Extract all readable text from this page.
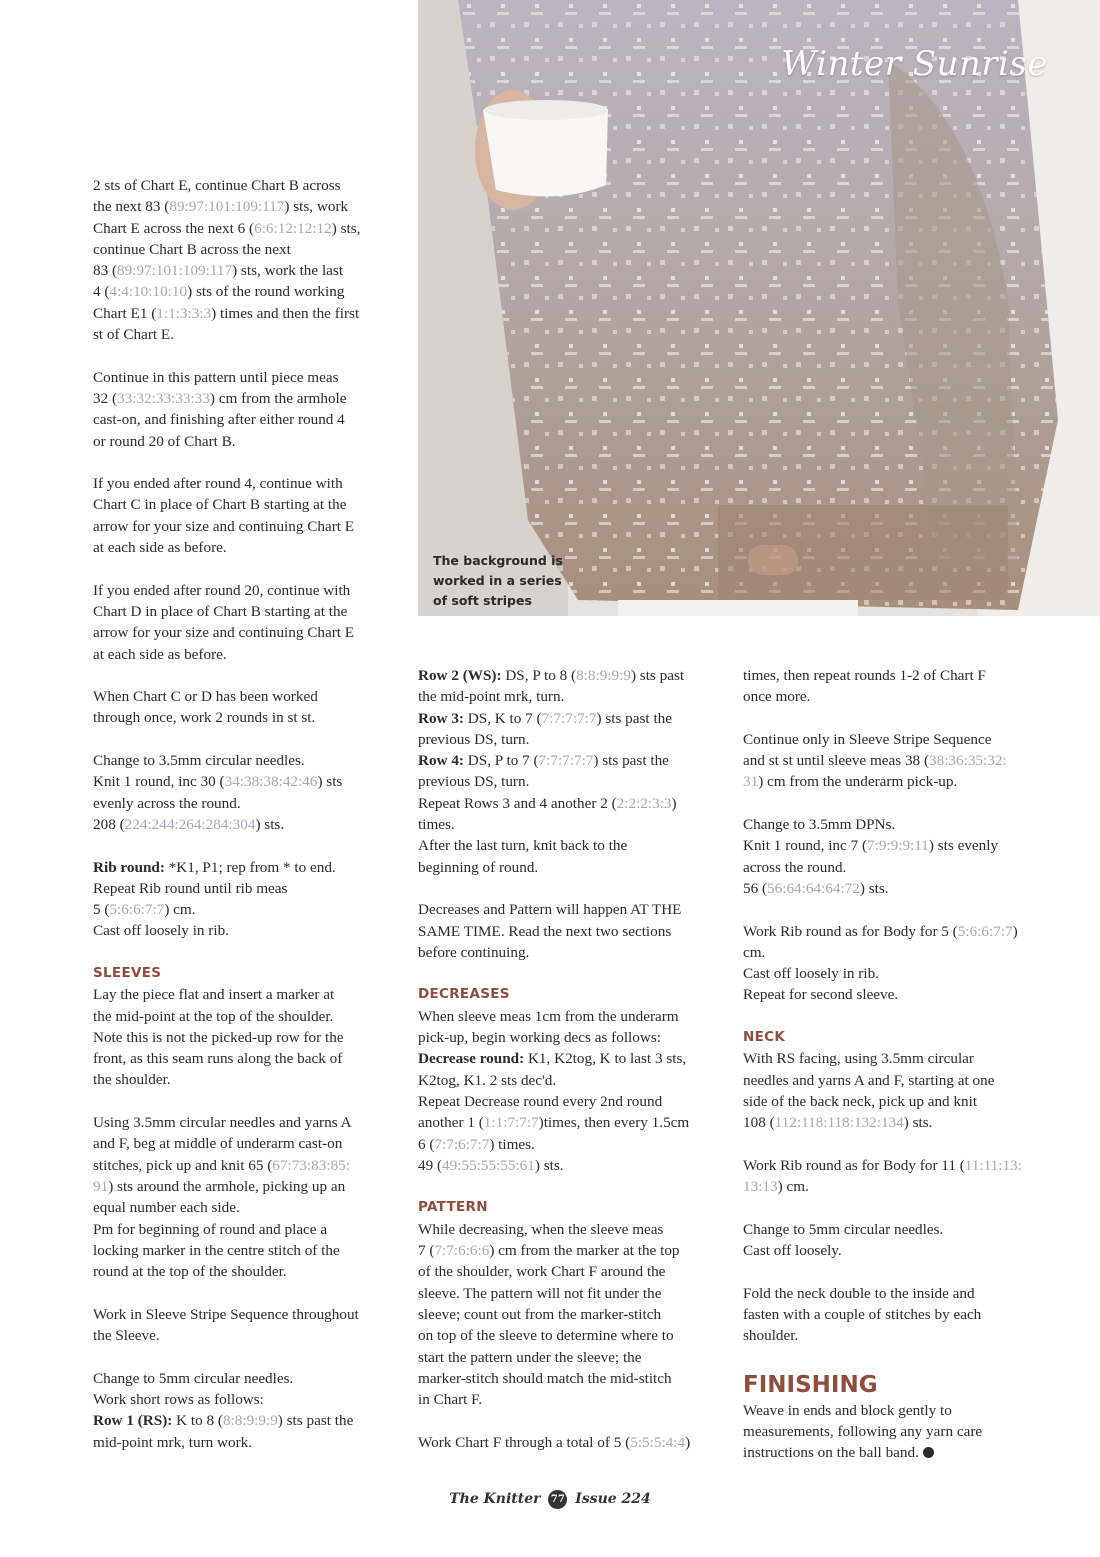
Winter Sunrise
The background is
worked in a series
of soft stripes

2 sts of Chart E, continue Chart B across
the next 83 (89:97:101:109:117) sts, work
Chart E across the next 6 (6:6:12:12:12) sts,
continue Chart B across the next
83 (89:97:101:109:117) sts, work the last
4 (4:4:10:10:10) sts of the round working
Chart E1 (1:1:3:3:3) times and then the first
st of Chart E.

Continue in this pattern until piece meas
32 (33:32:33:33:33) cm from the armhole
cast-on, and finishing after either round 4
or round 20 of Chart B.

If you ended after round 4, continue with
Chart C in place of Chart B starting at the
arrow for your size and continuing Chart E
at each side as before.

If you ended after round 20, continue with
Chart D in place of Chart B starting at the
arrow for your size and continuing Chart E
at each side as before.

When Chart C or D has been worked
through once, work 2 rounds in st st.

Change to 3.5mm circular needles.
Knit 1 round, inc 30 (34:38:38:42:46) sts
evenly across the round.
208 (224:244:264:284:304) sts.

Rib round: *K1, P1; rep from * to end.
Repeat Rib round until rib meas
5 (5:6:6:7:7) cm.
Cast off loosely in rib.

SLEEVES

Lay the piece flat and insert a marker at
the mid-point at the top of the shoulder.
Note this is not the picked-up row for the
front, as this seam runs along the back of
the shoulder.

Using 3.5mm circular needles and yarns A
and F, beg at middle of underarm cast-on
stitches, pick up and knit 65 (67:73:83:85:
91) sts around the armhole, picking up an
equal number each side.
Pm for beginning of round and place a
locking marker in the centre stitch of the
round at the top of the shoulder.

Work in Sleeve Stripe Sequence throughout
the Sleeve.

Change to 5mm circular needles.
Work short rows as follows:
Row 1 (RS): K to 8 (8:8:9:9:9) sts past the
mid-point mrk, turn work.

Row 2 (WS): DS, P to 8 (8:8:9:9:9) sts past
the mid-point mrk, turn.
Row 3: DS, K to 7 (7:7:7:7:7) sts past the
previous DS, turn.
Row 4: DS, P to 7 (7:7:7:7:7) sts past the
previous DS, turn.
Repeat Rows 3 and 4 another 2 (2:2:2:3:3)
times.
After the last turn, knit back to the
beginning of round.

Decreases and Pattern will happen AT THE
SAME TIME. Read the next two sections
before continuing.

DECREASES

When sleeve meas 1cm from the underarm
pick-up, begin working decs as follows:
Decrease round: K1, K2tog, K to last 3 sts,
K2tog, K1. 2 sts dec'd.
Repeat Decrease round every 2nd round
another 1 (1:1:7:7:7)times, then every 1.5cm
6 (7:7:6:7:7) times.
49 (49:55:55:55:61) sts.

PATTERN

While decreasing, when the sleeve meas
7 (7:7:6:6:6) cm from the marker at the top
of the shoulder, work Chart F around the
sleeve. The pattern will not fit under the
sleeve; count out from the marker-stitch
on top of the sleeve to determine where to
start the pattern under the sleeve; the
marker-stitch should match the mid-stitch
in Chart F.

Work Chart F through a total of 5 (5:5:5:4:4)

times, then repeat rounds 1-2 of Chart F
once more.

Continue only in Sleeve Stripe Sequence
and st st until sleeve meas 38 (38:36:35:32:
31) cm from the underarm pick-up.

Change to 3.5mm DPNs.
Knit 1 round, inc 7 (7:9:9:9:11) sts evenly
across the round.
56 (56:64:64:64:72) sts.

Work Rib round as for Body for 5 (5:6:6:7:7)
cm.
Cast off loosely in rib.
Repeat for second sleeve.

NECK

With RS facing, using 3.5mm circular
needles and yarns A and F, starting at one
side of the back neck, pick up and knit
108 (112:118:118:132:134) sts.

Work Rib round as for Body for 11 (11:11:13:
13:13) cm.

Change to 5mm circular needles.
Cast off loosely.

Fold the neck double to the inside and
fasten with a couple of stitches by each
shoulder.

FINISHING

Weave in ends and block gently to
measurements, following any yarn care
instructions on the ball band.

The Knitter 77 Issue 224
